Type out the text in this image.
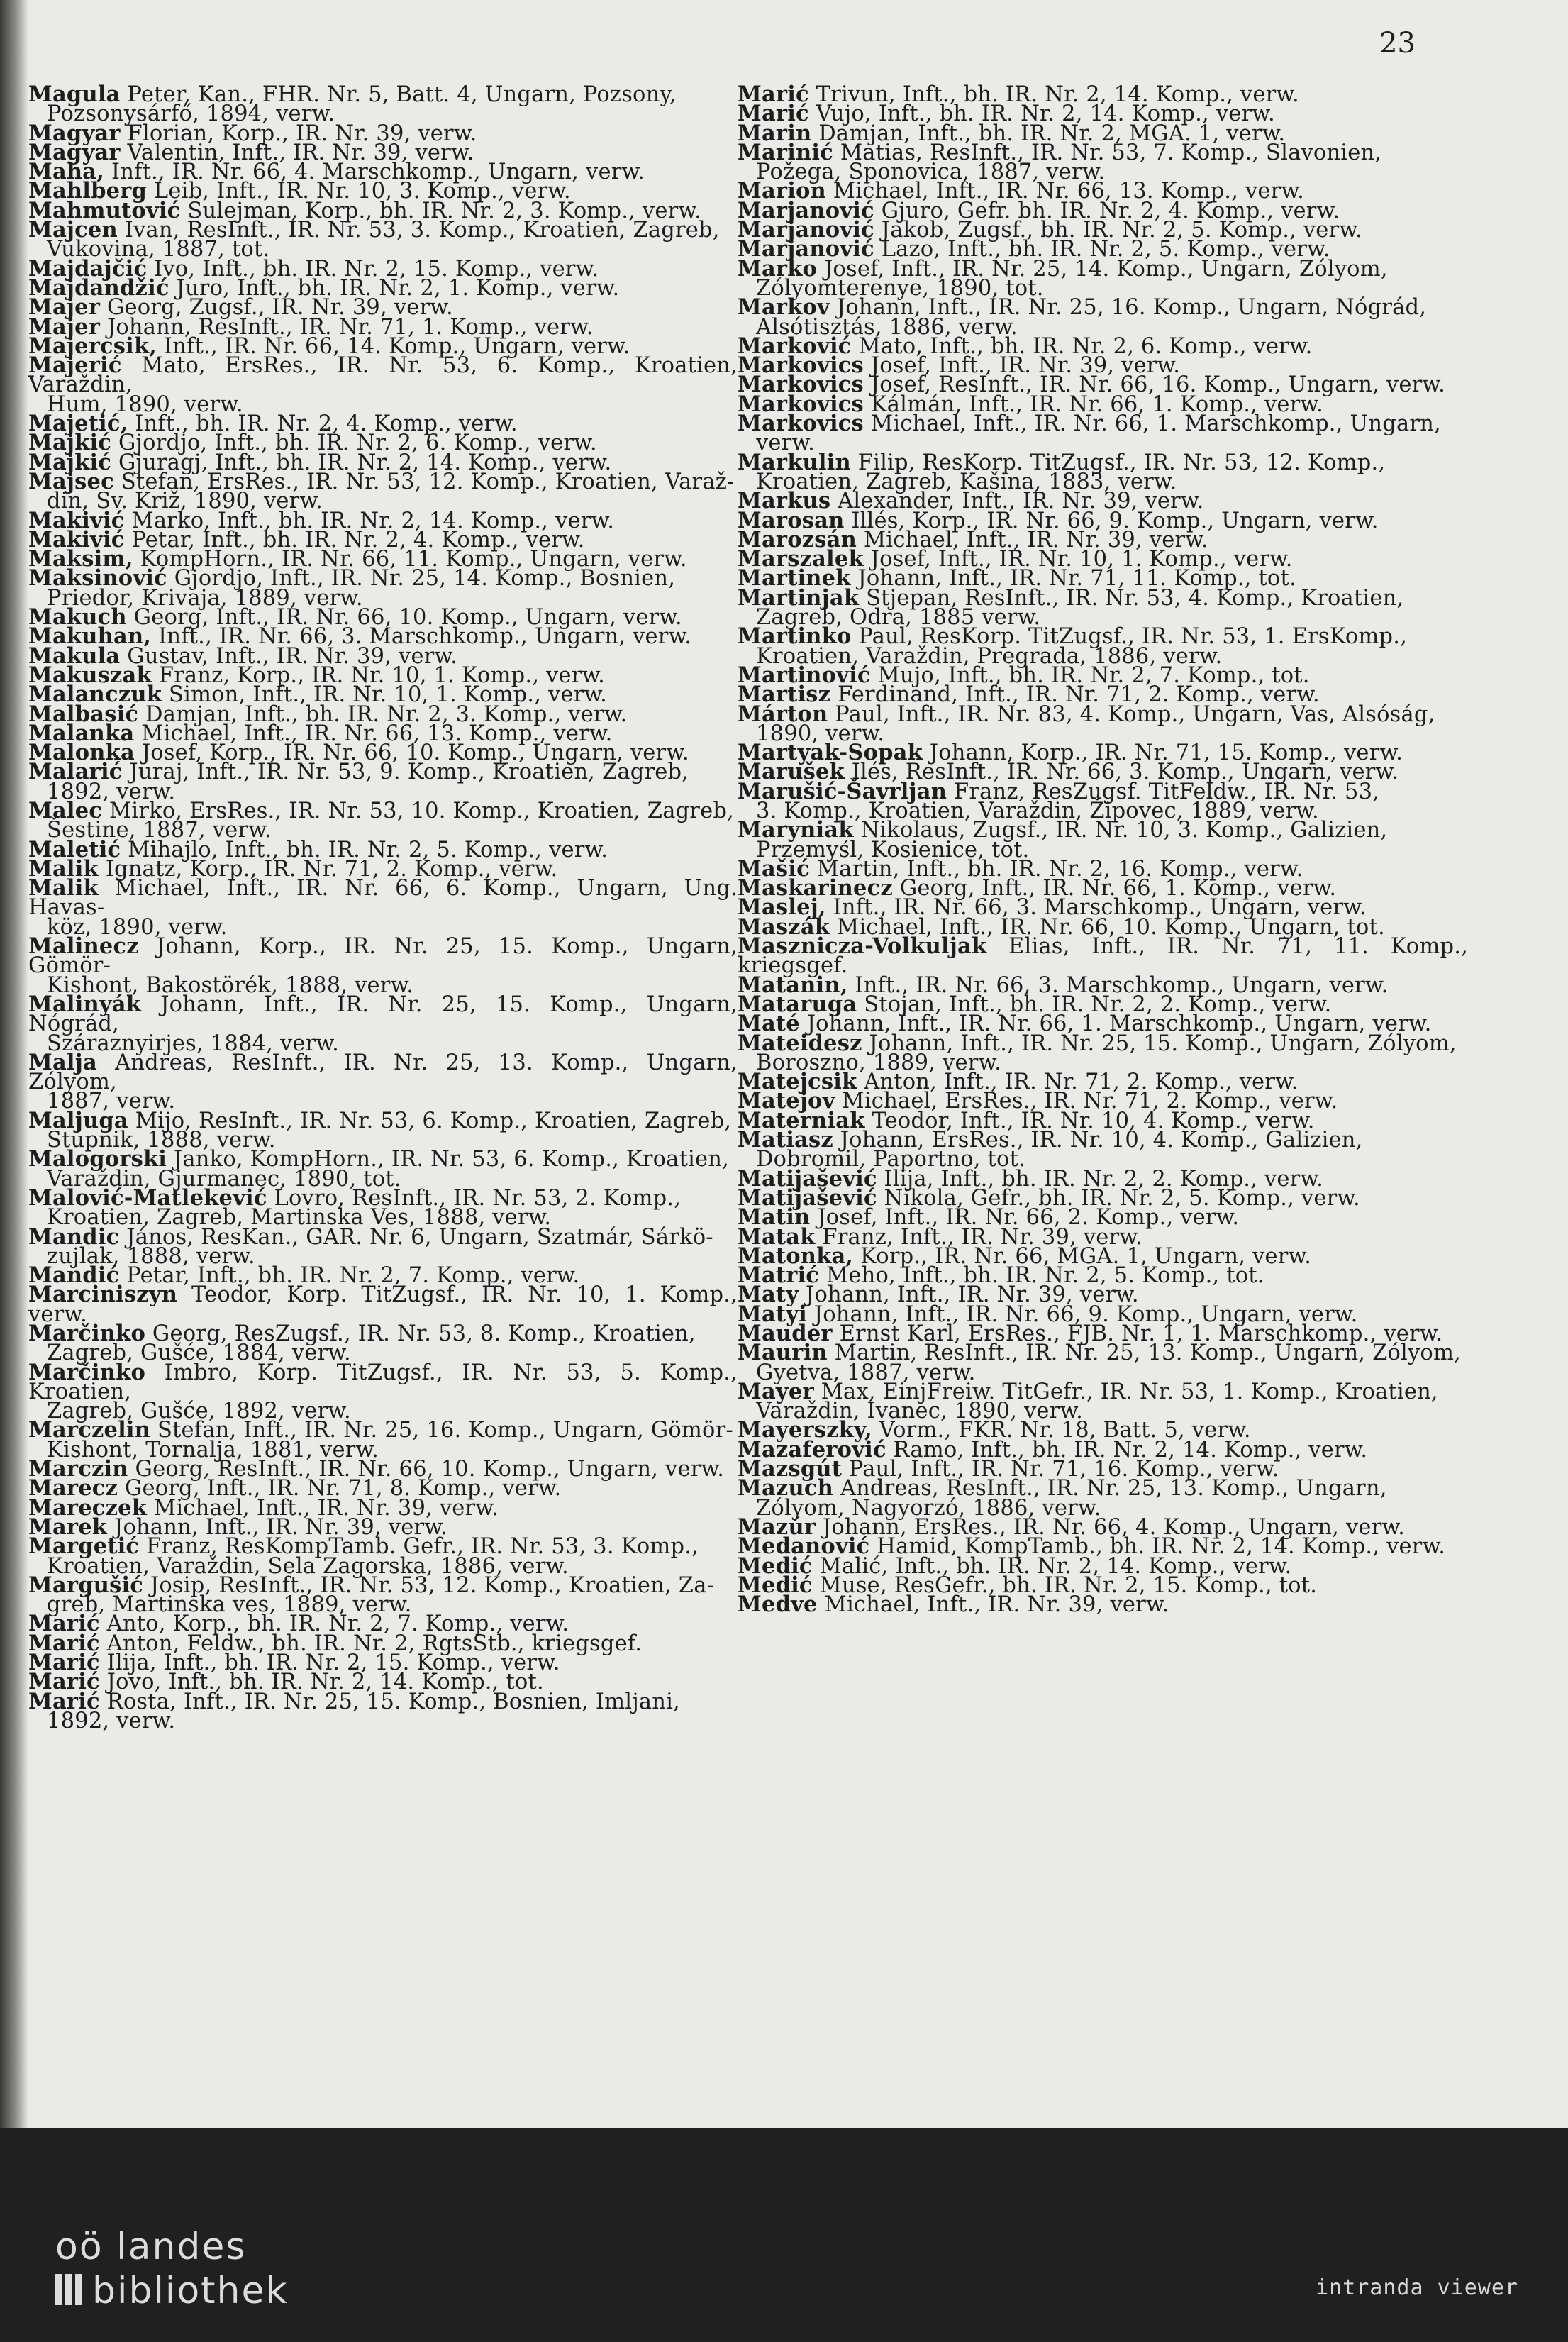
23
Magula Peter, Kan., FHR. Nr. 5, Batt. 4, Ungarn, Pozsony,
Pozsonysárfő, 1894, verw.
Magyar Florian, Korp., IR. Nr. 39, verw.
Magyar Valentin, Inft., IR. Nr. 39, verw.
Maha, Inft., IR. Nr. 66, 4. Marschkomp., Ungarn, verw.
Mahlberg Leib, Inft., IR. Nr. 10, 3. Komp., verw.
Mahmutović Sulejman, Korp., bh. IR. Nr. 2, 3. Komp., verw.
Majcen Ivan, ResInft., IR. Nr. 53, 3. Komp., Kroatien, Zagreb,
Vukovina, 1887, tot.
Majdajčić Ivo, Inft., bh. IR. Nr. 2, 15. Komp., verw.
Majdandžić Juro, Inft., bh. IR. Nr. 2, 1. Komp., verw.
Majer Georg, Zugsf., IR. Nr. 39, verw.
Majer Johann, ResInft., IR. Nr. 71, 1. Komp., verw.
Majercsik, Inft., IR. Nr. 66, 14. Komp., Ungarn, verw.
Majerić Mato, ErsRes., IR. Nr. 53, 6. Komp., Kroatien, Varaždin,
Hum, 1890, verw.
Majetić, Inft., bh. IR. Nr. 2, 4. Komp., verw.
Majkić Gjordjo, Inft., bh. IR. Nr. 2, 6. Komp., verw.
Majkić Gjuragj, Inft., bh. IR. Nr. 2, 14. Komp., verw.
Majsec Stefan, ErsRes., IR. Nr. 53, 12. Komp., Kroatien, Varaž-
din, Sv. Križ, 1890, verw.
Makivić Marko, Inft., bh. IR. Nr. 2, 14. Komp., verw.
Makivić Petar, Inft., bh. IR. Nr. 2, 4. Komp., verw.
Maksim, KompHorn., IR. Nr. 66, 11. Komp., Ungarn, verw.
Maksinović Gjordjo, Inft., IR. Nr. 25, 14. Komp., Bosnien,
Priedor, Krivaja, 1889, verw.
Makuch Georg, Inft., IR. Nr. 66, 10. Komp., Ungarn, verw.
Makuhan, Inft., IR. Nr. 66, 3. Marschkomp., Ungarn, verw.
Makula Gustav, Inft., IR. Nr. 39, verw.
Makuszak Franz, Korp., IR. Nr. 10, 1. Komp., verw.
Malanczuk Simon, Inft., IR. Nr. 10, 1. Komp., verw.
Malbasić Damjan, Inft., bh. IR. Nr. 2, 3. Komp., verw.
Malanka Michael, Inft., IR. Nr. 66, 13. Komp., verw.
Malonka Josef, Korp., IR. Nr. 66, 10. Komp., Ungarn, verw.
Malarić Juraj, Inft., IR. Nr. 53, 9. Komp., Kroatien, Zagreb,
1892, verw.
Malec Mirko, ErsRes., IR. Nr. 53, 10. Komp., Kroatien, Zagreb,
Šestine, 1887, verw.
Maletić Mihajlo, Inft., bh. IR. Nr. 2, 5. Komp., verw.
Malik Ignatz, Korp., IR. Nr. 71, 2. Komp., verw.
Malik Michael, Inft., IR. Nr. 66, 6. Komp., Ungarn, Ung. Havas-
köz, 1890, verw.
Malinecz Johann, Korp., IR. Nr. 25, 15. Komp., Ungarn, Gömör-
Kishont, Bakostörék, 1888, verw.
Malinyák Johann, Inft., IR. Nr. 25, 15. Komp., Ungarn, Nógrád,
Száraznyirjes, 1884, verw.
Malja Andreas, ResInft., IR. Nr. 25, 13. Komp., Ungarn, Zólyom,
1887, verw.
Maljuga Mijo, ResInft., IR. Nr. 53, 6. Komp., Kroatien, Zagreb,
Stupnik, 1888, verw.
Malogorski Janko, KompHorn., IR. Nr. 53, 6. Komp., Kroatien,
Varaždin, Gjurmanec, 1890, tot.
Malović-Matlekević Lovro, ResInft., IR. Nr. 53, 2. Komp.,
Kroatien, Zagreb, Martinska Ves, 1888, verw.
Mandic János, ResKan., GAR. Nr. 6, Ungarn, Szatmár, Sárkö-
zujlak, 1888, verw.
Mandić Petar, Inft., bh. IR. Nr. 2, 7. Komp., verw.
Marciniszyn Teodor, Korp. TitZugsf., IR. Nr. 10, 1. Komp., verw.
Marčinko Georg, ResZugsf., IR. Nr. 53, 8. Komp., Kroatien,
Zagreb, Gušće, 1884, verw.
Marčinko Imbro, Korp. TitZugsf., IR. Nr. 53, 5. Komp., Kroatien,
Zagreb, Gušće, 1892, verw.
Marczelin Stefan, Inft., IR. Nr. 25, 16. Komp., Ungarn, Gömör-
Kishont, Tornalja, 1881, verw.
Marczin Georg, ResInft., IR. Nr. 66, 10. Komp., Ungarn, verw.
Marecz Georg, Inft., IR. Nr. 71, 8. Komp., verw.
Mareczek Michael, Inft., IR. Nr. 39, verw.
Marek Johann, Inft., IR. Nr. 39, verw.
Margetić Franz, ResKompTamb. Gefr., IR. Nr. 53, 3. Komp.,
Kroatien, Varaždin, Sela Zagorska, 1886, verw.
Margušić Josip, ResInft., IR. Nr. 53, 12. Komp., Kroatien, Za-
greb, Martinska ves, 1889, verw.
Marić Anto, Korp., bh. IR. Nr. 2, 7. Komp., verw.
Marić Anton, Feldw., bh. IR. Nr. 2, RgtsStb., kriegsgef.
Marić Ilija, Inft., bh. IR. Nr. 2, 15. Komp., verw.
Marić Jovo, Inft., bh. IR. Nr. 2, 14. Komp., tot.
Marić Rosta, Inft., IR. Nr. 25, 15. Komp., Bosnien, Imljani,
1892, verw.
Marić Trivun, Inft., bh. IR. Nr. 2, 14. Komp., verw.
Marić Vujo, Inft., bh. IR. Nr. 2, 14. Komp., verw.
Marin Damjan, Inft., bh. IR. Nr. 2, MGA. 1, verw.
Marinić Matias, ResInft., IR. Nr. 53, 7. Komp., Slavonien,
Požega, Sponovica, 1887, verw.
Marion Michael, Inft., IR. Nr. 66, 13. Komp., verw.
Marjanović Gjuro, Gefr. bh. IR. Nr. 2, 4. Komp., verw.
Marjanović Jakob, Zugsf., bh. IR. Nr. 2, 5. Komp., verw.
Marjanović Lazo, Inft., bh. IR. Nr. 2, 5. Komp., verw.
Marko Josef, Inft., IR. Nr. 25, 14. Komp., Ungarn, Zólyom,
Zólyomterenye, 1890, tot.
Markov Johann, Inft., IR. Nr. 25, 16. Komp., Ungarn, Nógrád,
Alsótisztás, 1886, verw.
Marković Mato, Inft., bh. IR. Nr. 2, 6. Komp., verw.
Markovics Josef, Inft., IR. Nr. 39, verw.
Markovics Josef, ResInft., IR. Nr. 66, 16. Komp., Ungarn, verw.
Markovics Kálmán, Inft., IR. Nr. 66, 1. Komp., verw.
Markovics Michael, Inft., IR. Nr. 66, 1. Marschkomp., Ungarn,
verw.
Markulin Filip, ResKorp. TitZugsf., IR. Nr. 53, 12. Komp.,
Kroatien, Zagreb, Kašina, 1883, verw.
Markus Alexander, Inft., IR. Nr. 39, verw.
Marosan Illés, Korp., IR. Nr. 66, 9. Komp., Ungarn, verw.
Marozsán Michael, Inft., IR. Nr. 39, verw.
Marszalek Josef, Inft., IR. Nr. 10, 1. Komp., verw.
Martinek Johann, Inft., IR. Nr. 71, 11. Komp., tot.
Martinjak Stjepan, ResInft., IR. Nr. 53, 4. Komp., Kroatien,
Zagreb, Odra, 1885 verw.
Martinko Paul, ResKorp. TitZugsf., IR. Nr. 53, 1. ErsKomp.,
Kroatien, Varaždin, Pregrada, 1886, verw.
Martinović Mujo, Inft., bh. IR. Nr. 2, 7. Komp., tot.
Martisz Ferdinand, Inft., IR. Nr. 71, 2. Komp., verw.
Márton Paul, Inft., IR. Nr. 83, 4. Komp., Ungarn, Vas, Alsóság,
1890, verw.
Martyak-Sopak Johann, Korp., IR. Nr. 71, 15. Komp., verw.
Marušek Ilés, ResInft., IR. Nr. 66, 3. Komp., Ungarn, verw.
Marušić-Šavrljan Franz, ResZugsf. TitFeldw., IR. Nr. 53,
3. Komp., Kroatien, Varaždin, Žipovec, 1889, verw.
Maryniak Nikolaus, Zugsf., IR. Nr. 10, 3. Komp., Galizien,
Przemyśl, Kosienice, tot.
Mašić Martin, Inft., bh. IR. Nr. 2, 16. Komp., verw.
Maskarinecz Georg, Inft., IR. Nr. 66, 1. Komp., verw.
Maslej, Inft., IR. Nr. 66, 3. Marschkomp., Ungarn, verw.
Maszák Michael, Inft., IR. Nr. 66, 10. Komp., Ungarn, tot.
Masznicza-Volkuljak Elias, Inft., IR. Nr. 71, 11. Komp., kriegsgef.
Matanin, Inft., IR. Nr. 66, 3. Marschkomp., Ungarn, verw.
Mataruga Stojan, Inft., bh. IR. Nr. 2, 2. Komp., verw.
Maté Johann, Inft., IR. Nr. 66, 1. Marschkomp., Ungarn, verw.
Mateidesz Johann, Inft., IR. Nr. 25, 15. Komp., Ungarn, Zólyom,
Boroszno, 1889, verw.
Matejcsik Anton, Inft., IR. Nr. 71, 2. Komp., verw.
Matejov Michael, ErsRes., IR. Nr. 71, 2. Komp., verw.
Materniak Teodor, Inft., IR. Nr. 10, 4. Komp., verw.
Matiasz Johann, ErsRes., IR. Nr. 10, 4. Komp., Galizien,
Dobromil, Paportno, tot.
Matijašević Ilija, Inft., bh. IR. Nr. 2, 2. Komp., verw.
Matijašević Nikola, Gefr., bh. IR. Nr. 2, 5. Komp., verw.
Matin Josef, Inft., IR. Nr. 66, 2. Komp., verw.
Matak Franz, Inft., IR. Nr. 39, verw.
Matonka, Korp., IR. Nr. 66, MGA. 1, Ungarn, verw.
Matrić Meho, Inft., bh. IR. Nr. 2, 5. Komp., tot.
Maty Johann, Inft., IR. Nr. 39, verw.
Matyi Johann, Inft., IR. Nr. 66, 9. Komp., Ungarn, verw.
Mauder Ernst Karl, ErsRes., FJB. Nr. 1, 1. Marschkomp., verw.
Maurin Martin, ResInft., IR. Nr. 25, 13. Komp., Ungarn, Zólyom,
Gyetva, 1887, verw.
Mayer Max, EinjFreiw. TitGefr., IR. Nr. 53, 1. Komp., Kroatien,
Varaždin, Ivanec, 1890, verw.
Mayerszky, Vorm., FKR. Nr. 18, Batt. 5, verw.
Mazaferović Ramo, Inft., bh. IR. Nr. 2, 14. Komp., verw.
Mazsgút Paul, Inft., IR. Nr. 71, 16. Komp., verw.
Mazuch Andreas, ResInft., IR. Nr. 25, 13. Komp., Ungarn,
Zólyom, Nagyorzó, 1886, verw.
Mazúr Johann, ErsRes., IR. Nr. 66, 4. Komp., Ungarn, verw.
Medanović Hamid, KompTamb., bh. IR. Nr. 2, 14. Komp., verw.
Medić Malić, Inft., bh. IR. Nr. 2, 14. Komp., verw.
Medić Muse, ResGefr., bh. IR. Nr. 2, 15. Komp., tot.
Medve Michael, Inft., IR. Nr. 39, verw.
oö landes
bibliothek	intranda viewer
